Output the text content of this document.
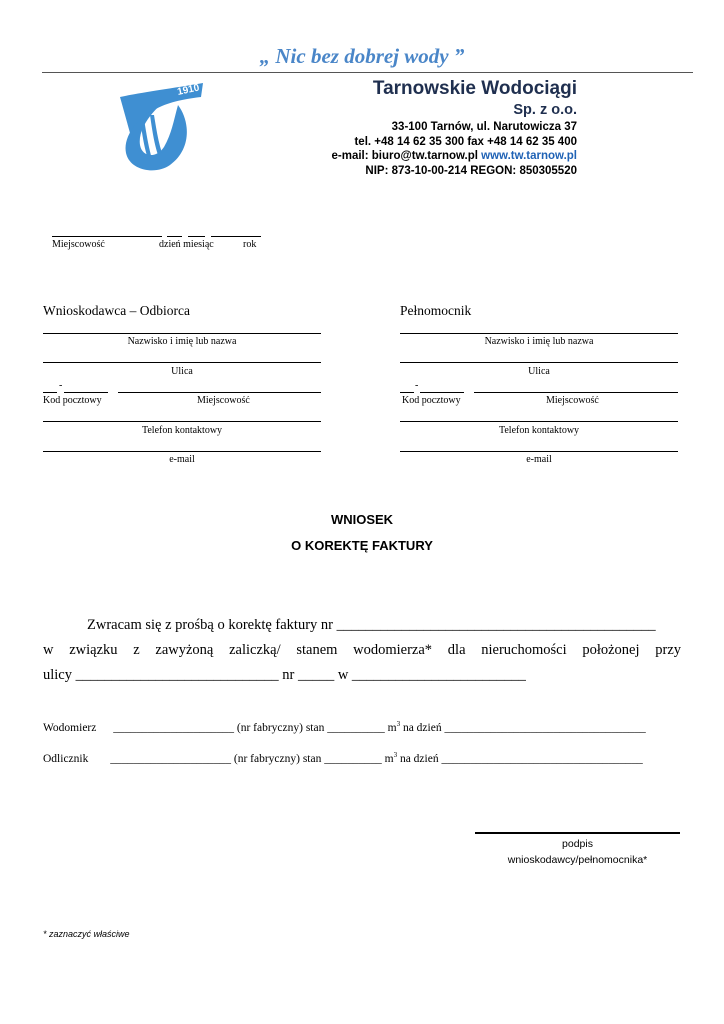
„ Nic bez dobrej wody ”
1910	Tarnowskie Wodociągi
Sp. z o.o.
33-100 Tarnów, ul. Narutowicza 37
tel. +48 14 62 35 300 fax +48 14 62 35 400
e-mail: biuro@tw.tarnow.pl www.tw.tarnow.pl
NIP: 873-10-00-214 REGON: 850305520
Miejscowość	dzień miesiąc	rok
Wnioskodawca – Odbiorca
Nazwisko i imię lub nazwa
Ulica
-
Kod pocztowy	Miejscowość
Telefon kontaktowy
e-mail
Pełnomocnik
Nazwisko i imię lub nazwa
Ulica
-
Kod pocztowy	Miejscowość
Telefon kontaktowy
e-mail
WNIOSEK
O KOREKTĘ FAKTURY
Zwracam się z prośbą o korektę faktury nr ____________________________________________
w związku z zawyżoną zaliczką/ stanem wodomierza* dla nieruchomości położonej przy
ulicy ____________________________ nr _____ w ________________________
Wodomierz _____________________ (nr fabryczny) stan __________ $m^3$ na dzień ___________________________________
Odlicznik _____________________ (nr fabryczny) stan __________ $m^3$ na dzień ___________________________________
podpis
wnioskodawcy/pełnomocnika*
* zaznaczyć właściwe
